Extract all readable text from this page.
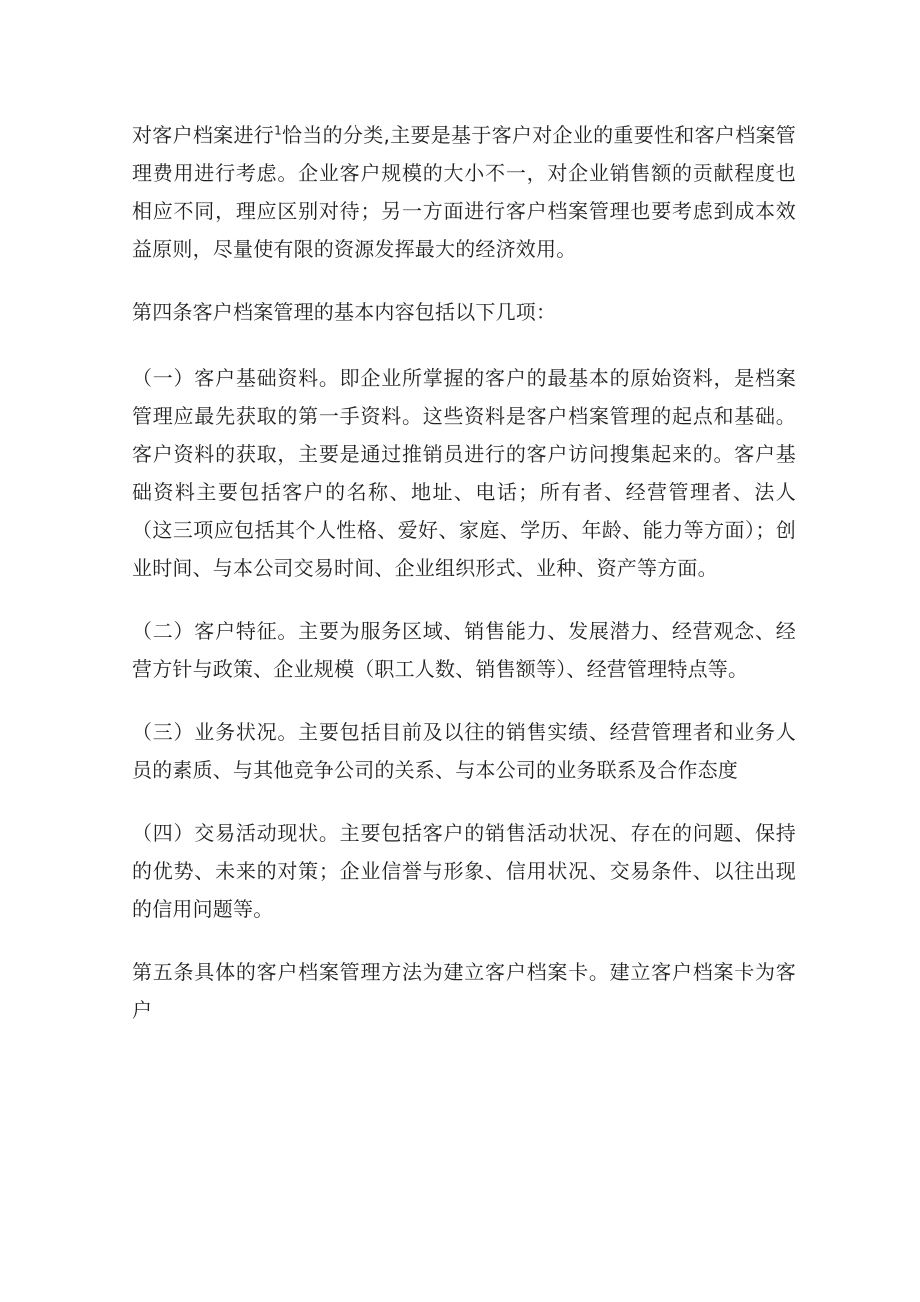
对客户档案进行$^1$恰当的分类,主要是基于客户对企业的重要性和客户档案管理费用进行考虑。企业客户规模的大小不一，对企业销售额的贡献程度也相应不同，理应区别对待；另一方面进行客户档案管理也要考虑到成本效益原则，尽量使有限的资源发挥最大的经济效用。

第四条客户档案管理的基本内容包括以下几项：

（一）客户基础资料。即企业所掌握的客户的最基本的原始资料，是档案管理应最先获取的第一手资料。这些资料是客户档案管理的起点和基础。客户资料的获取，主要是通过推销员进行的客户访问搜集起来的。客户基础资料主要包括客户的名称、地址、电话；所有者、经营管理者、法人（这三项应包括其个人性格、爱好、家庭、学历、年龄、能力等方面）；创业时间、与本公司交易时间、企业组织形式、业种、资产等方面。

（二）客户特征。主要为服务区域、销售能力、发展潜力、经营观念、经营方针与政策、企业规模（职工人数、销售额等）、经营管理特点等。

（三）业务状况。主要包括目前及以往的销售实绩、经营管理者和业务人员的素质、与其他竞争公司的关系、与本公司的业务联系及合作态度

（四）交易活动现状。主要包括客户的销售活动状况、存在的问题、保持的优势、未来的对策；企业信誉与形象、信用状况、交易条件、以往出现的信用问题等。

第五条具体的客户档案管理方法为建立客户档案卡。建立客户档案卡为客户
